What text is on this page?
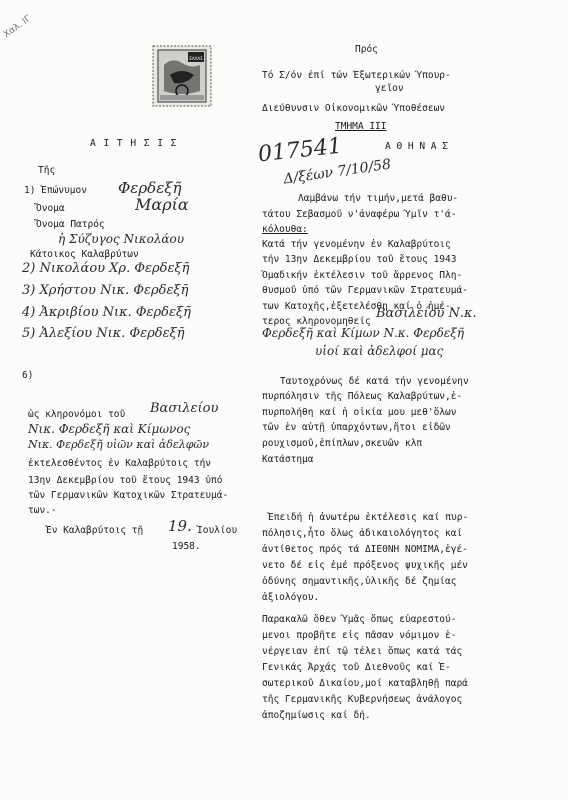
Χαλ. ΙΓ
ΕΛΛΑΣ
Πρός
Τό Σ/όν έπί τών Έξωτερικών Ύπουρ-
γεῖον
Διεύθυνσιν Οἰκονομικῶν Ύποθέσεων
ΤΜΗΜΑ ΙΙΙ
Α Θ Η Ν Α Σ
017541
Δ/ξέων 7/10/58
Α Ι Τ Η Σ Ι Σ
Τῆς
1) Ἐπώνυμον Φερδεξῆ
Ὄνομα	Μαρία
Ὄνομα Πατρός
ἡ Σύζυγος Νικολάου
Κάτοικος Καλαβρύτων
2) Νικολάου Χρ. Φερδεξῆ
3) Χρήστου Νικ. Φερδεξῆ
4) Ἀκριβίου Νικ. Φερδεξῆ
5) Ἀλεξίου Νικ. Φερδεξῆ
6)
ὡς κληρονόμοι τοῦ Βασιλείου
Νικ. Φερδεξῆ καὶ Κίμωνος
Νικ. Φερδεξῆ υἱῶν καὶ ἀδελφῶν
ἐκτελεσθέντος ἐν Καλαβρύτοις τήν
13ην Δεκεμβρίου τοῦ ἔτους 1943 ὑπό
τῶν Γερμανικῶν Κατοχικῶν Στρατευμά-
των.-
Ἐν Καλαβρύτοις τῇ 19. Ἰουλίου
1958.
Λαμβάνω τήν τιμήν,μετά βαθυ-
τάτου Σεβασμοῦ ν'ἀναφέρω Ύμῖν τ'ά-
κόλουθα:
Κατά τήν γενομένην ἐν Καλαβρύτοις
τήν 13ην Δεκεμβρίου τοῦ ἔτους 1943
Ὁμαδικήν ἐκτέλεσιν τοῦ ἄρρενος Πλη-
θυσμοῦ ὑπό τῶν Γερμανικῶν Στρατευμά-
των Κατοχῆς,ἐξετελέσθη καί ὁ ἡμέ-
τερος κληρονομηθείς
Βασιλείου Ν.κ.
Φερδεξῆ καὶ Κίμων Ν.κ. Φερδεξῆ
υἱοί καὶ ἀδελφοί μας
Ταυτοχρόνως δέ κατά τήν γενομένην
πυρπόλησιν τῆς Πόλεως Καλαβρύτων,ἐ-
πυρπολήθη καί ἡ οἰκία μου μεθ'ὅλων
τῶν ἐν αὐτῇ ὑπαρχόντων,ἤτοι εἰδῶν
ρουχισμοῦ,ἐπίπλων,σκευῶν κλπ
Κατάστημα
Ἐπειδή ἡ ἀνωτέρω ἐκτέλεσις καί πυρ-
πόλησις,ἦτο ὅλως ἀδικαιολόγητος καί
ἀντίθετος πρός τά ΔΙΕΘΝΗ ΝΟΜΙΜΑ,ἐγέ-
νετο δέ εἰς ἐμέ πρόξενος ψυχικῆς μέν
ὀδύνης σημαντικῆς,ὑλικῆς δέ ζημίας
ἀξιολόγου.
Παρακαλῶ ὅθεν Ύμᾶς ὅπως εὐαρεστού-
μενοι προβῆτε εἰς πᾶσαν νόμιμον ἐ-
νέργειαν ἐπί τῷ τέλει ὅπως κατά τάς
Γενικάς Ἀρχάς τοῦ Διεθνοῦς καί Ἐ-
σωτερικοῦ Δικαίου,μοί καταβληθῇ παρά
τῆς Γερμανικῆς Κυβερνήσεως ἀνάλογος
ἀποζημίωσις καί δή.
